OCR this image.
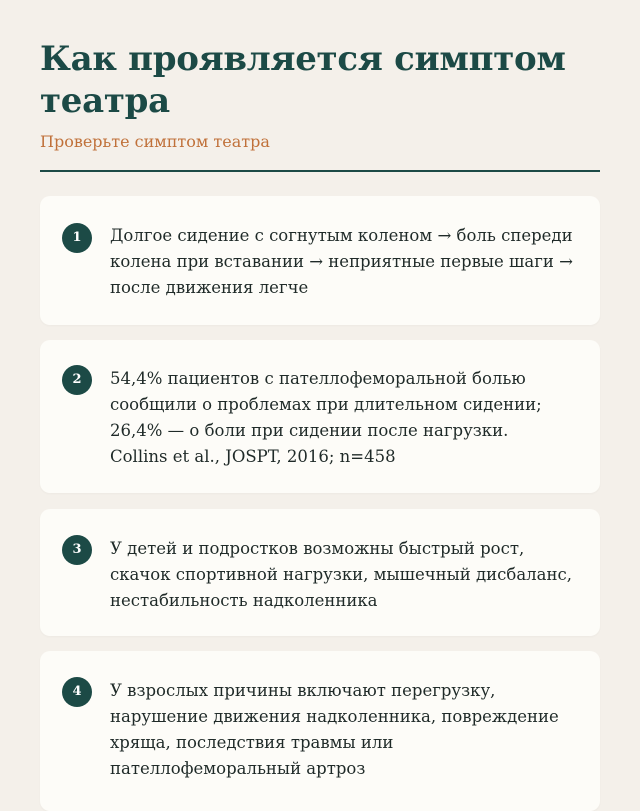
Как проявляется симптом театра

Проверьте симптом театра

1	Долгое сидение с согнутым коленом → боль спереди колена при вставании → неприятные первые шаги → после движения легче

2	54,4% пациентов с пателлофеморальной болью сообщили о проблемах при длительном сидении; 26,4% — о боли при сидении после нагрузки.
Collins et al., JOSPT, 2016; n=458

3	У детей и подростков возможны быстрый рост, скачок спортивной нагрузки, мышечный дисбаланс, нестабильность надколенника

4	У взрослых причины включают перегрузку, нарушение движения надколенника, повреждение хряща, последствия травмы или пателлофеморальный артроз
